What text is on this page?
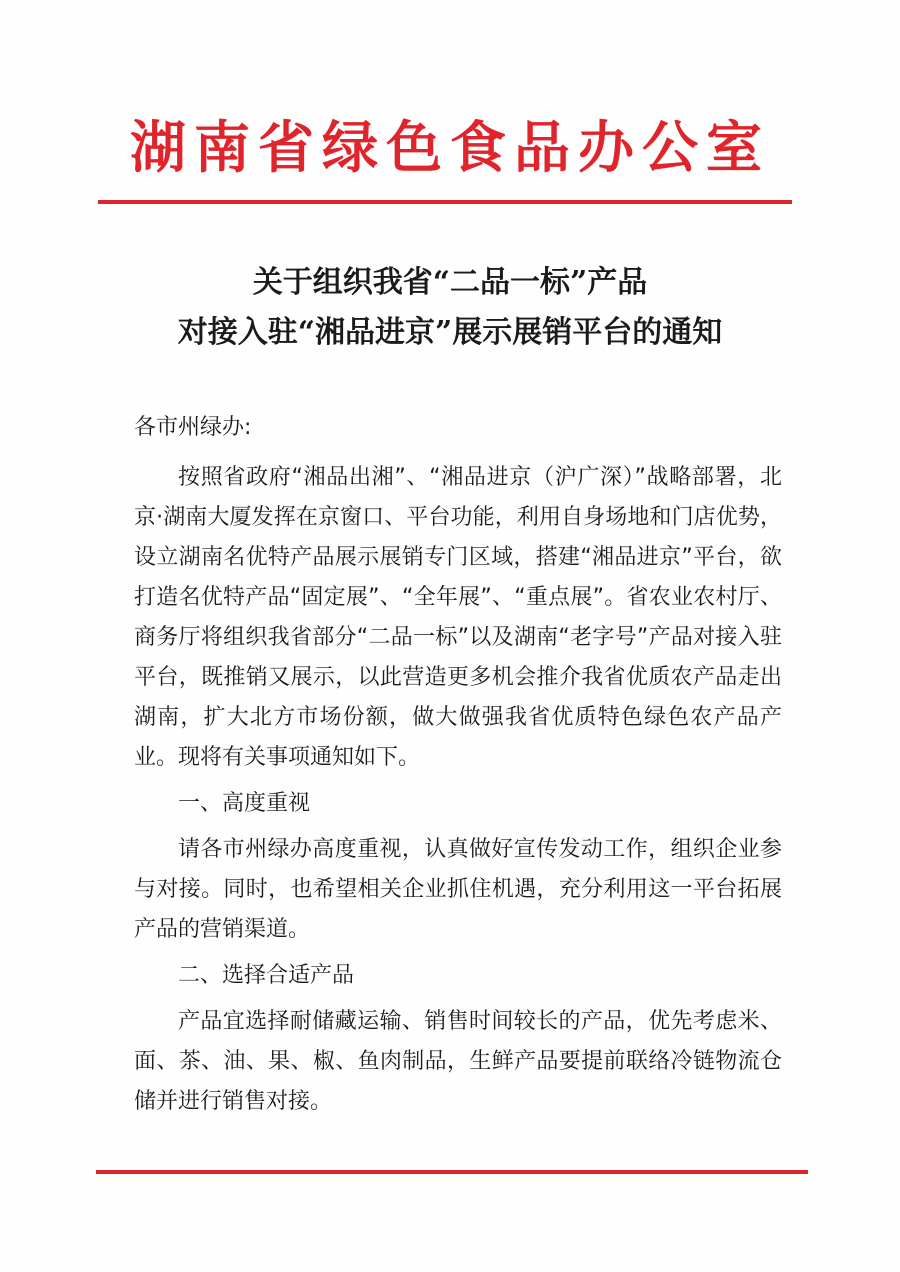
湖南省绿色食品办公室
关于组织我省“二品一标”产品
对接入驻“湘品进京”展示展销平台的通知

各市州绿办:

按照省政府“湘品出湘”、“湘品进京（沪广深）”战略部署，北京·湖南大厦发挥在京窗口、平台功能，利用自身场地和门店优势，设立湖南名优特产品展示展销专门区域，搭建“湘品进京”平台，欲打造名优特产品“固定展”、“全年展”、“重点展”。省农业农村厅、商务厅将组织我省部分“二品一标”以及湖南“老字号”产品对接入驻平台，既推销又展示，以此营造更多机会推介我省优质农产品走出湖南，扩大北方市场份额，做大做强我省优质特色绿色农产品产业。现将有关事项通知如下。

一、高度重视

请各市州绿办高度重视，认真做好宣传发动工作，组织企业参与对接。同时，也希望相关企业抓住机遇，充分利用这一平台拓展产品的营销渠道。

二、选择合适产品

产品宜选择耐储藏运输、销售时间较长的产品，优先考虑米、面、茶、油、果、椒、鱼肉制品，生鲜产品要提前联络冷链物流仓储并进行销售对接。
